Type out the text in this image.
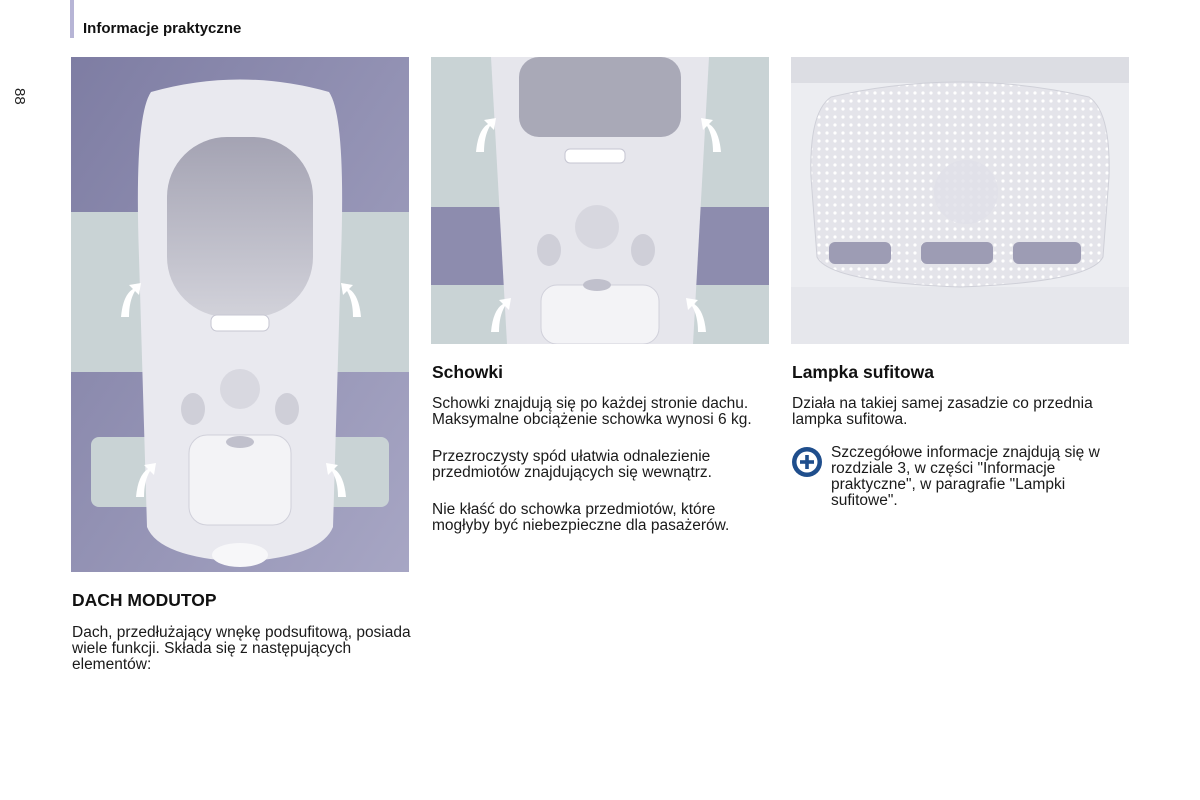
Informacje praktyczne
88
DACH MODUTOP

Dach, przedłużający wnękę podsufitową, posiada wiele funkcji. Składa się z następujących elementów:

Schowki

Schowki znajdują się po każdej stronie dachu. Maksymalne obciążenie schowka wynosi 6 kg.

Przezroczysty spód ułatwia odnalezienie przedmiotów znajdujących się wewnątrz.

Nie kłaść do schowka przedmiotów, które mogłyby być niebezpieczne dla pasażerów.

Lampka sufitowa

Działa na takiej samej zasadzie co przednia lampka sufitowa.

Szczegółowe informacje znajdują się w rozdziale 3, w części "Informacje praktyczne", w paragrafie "Lampki sufitowe".
